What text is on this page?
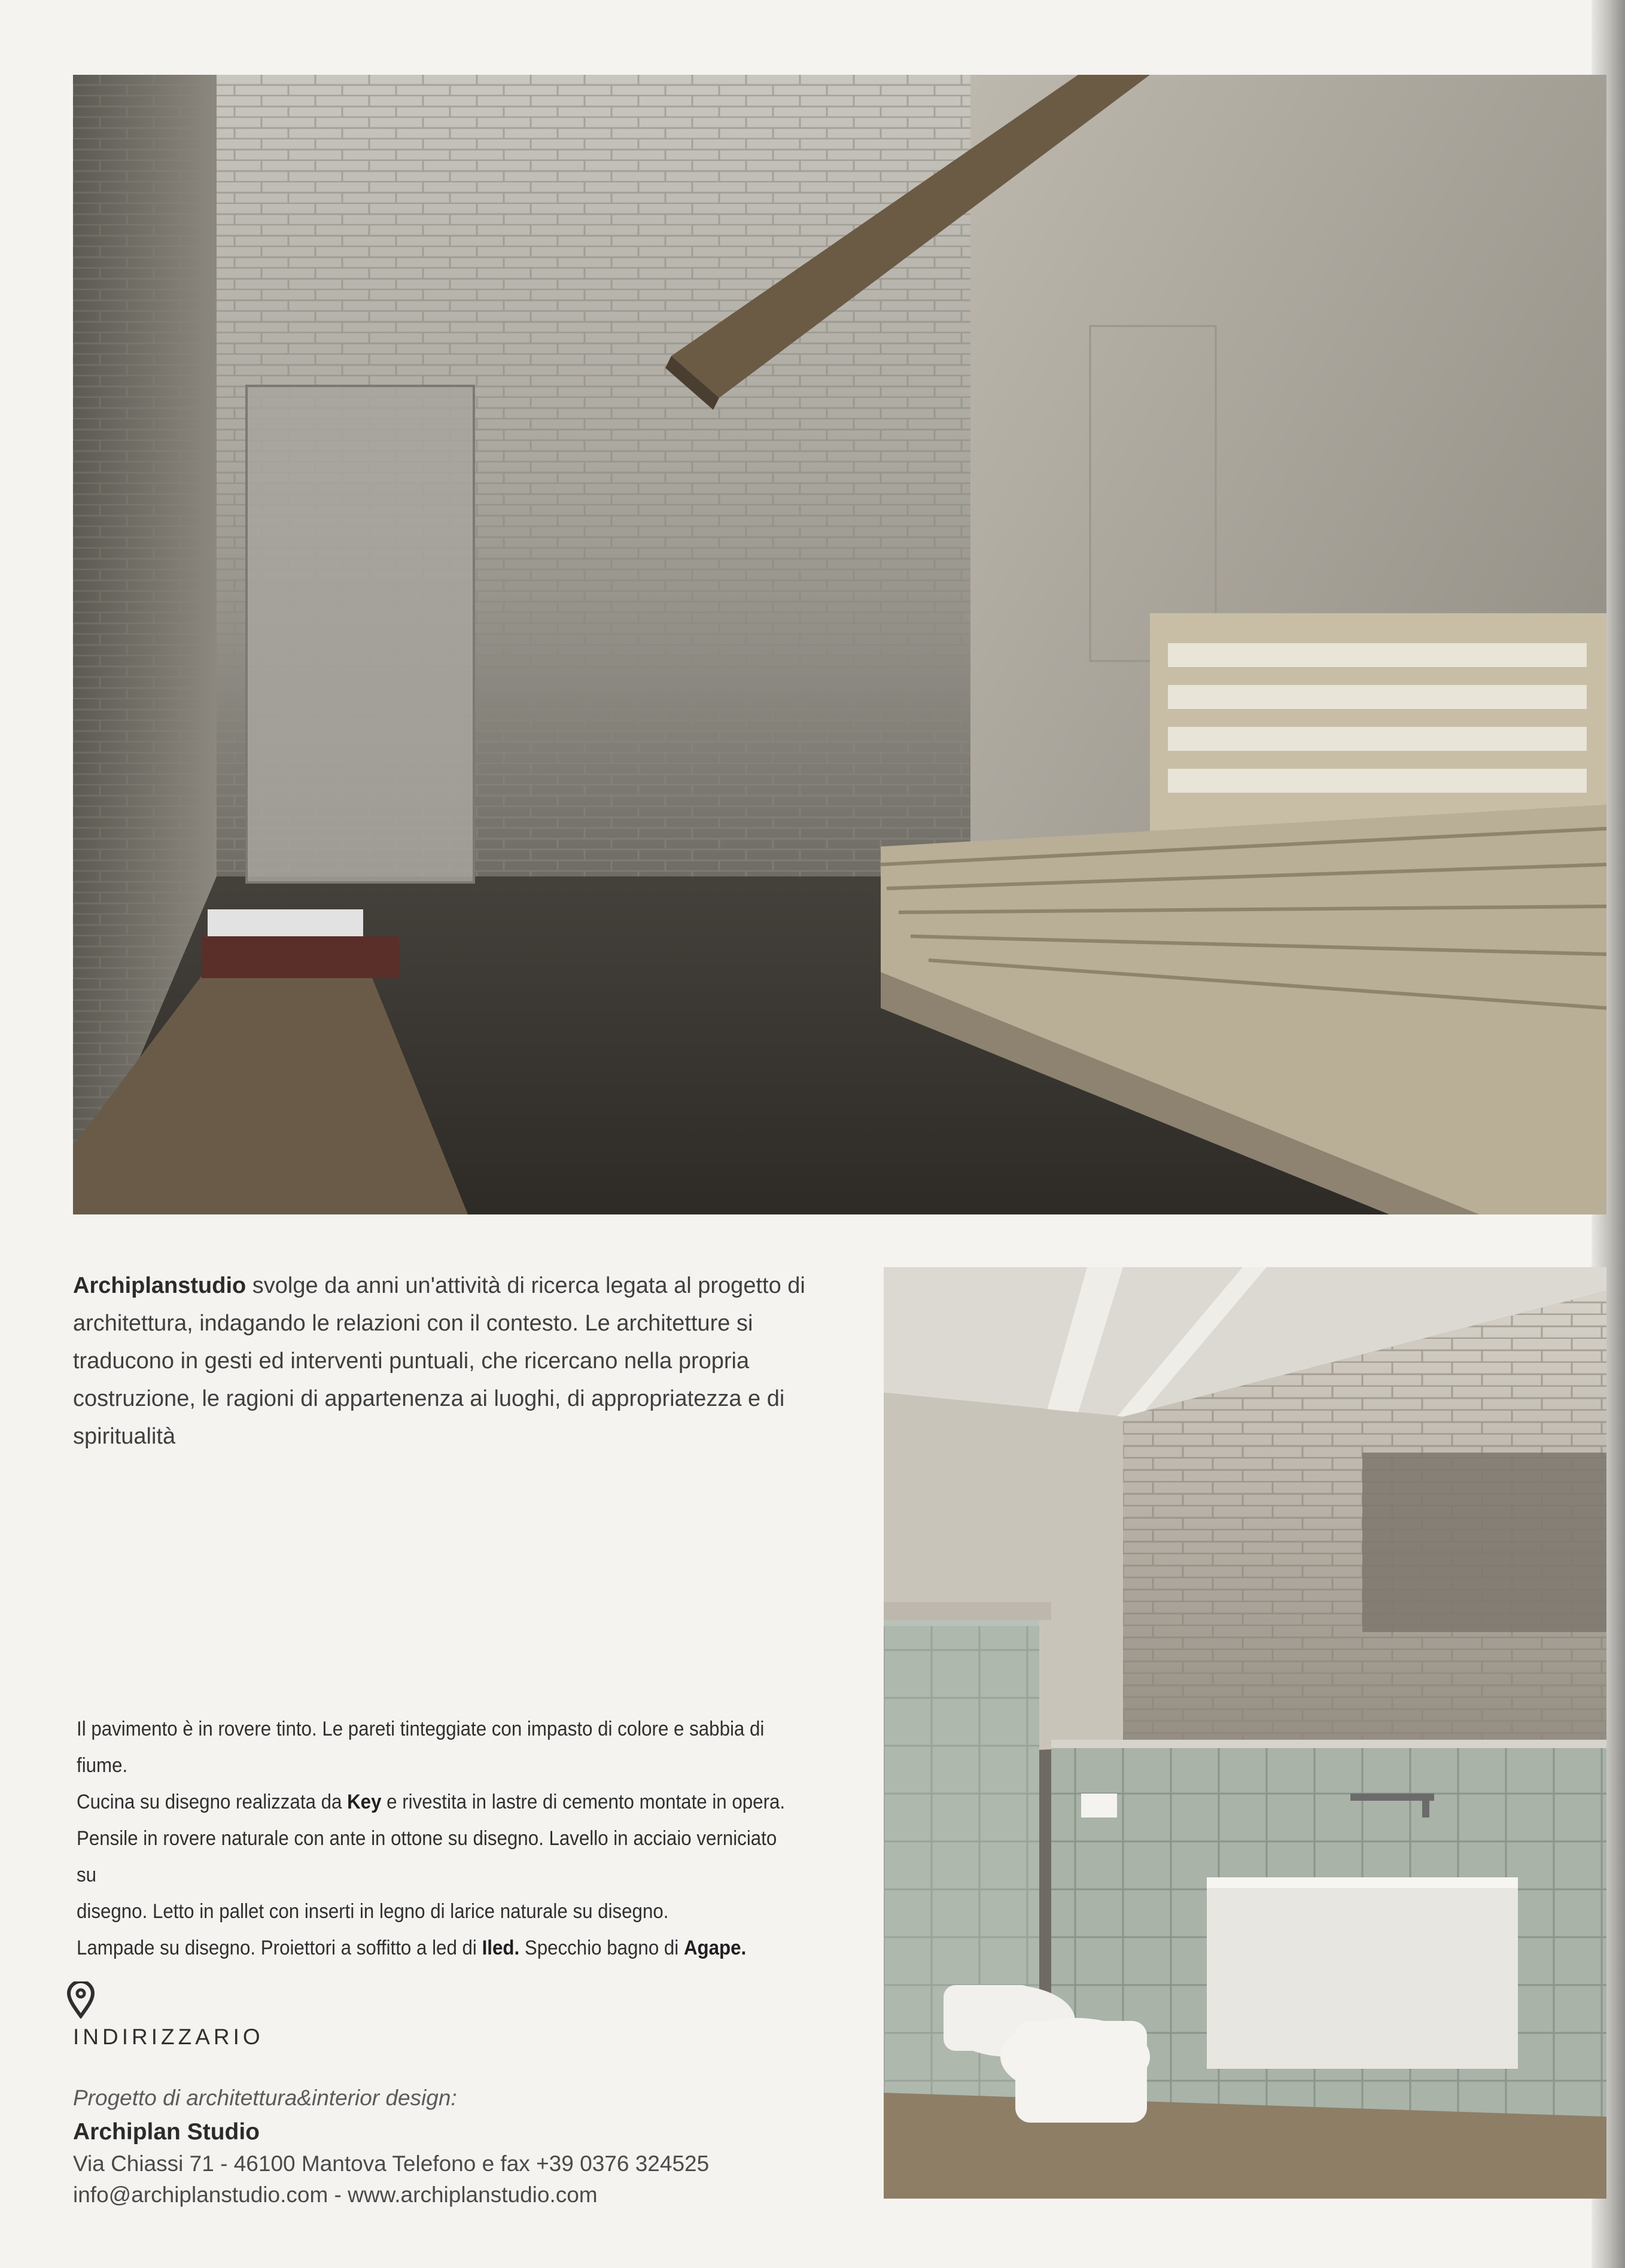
Archiplanstudio svolge da anni un'attività di ricerca legata al progetto di architettura, indagando le relazioni con il contesto. Le architetture si traducono in gesti ed interventi puntuali, che ricercano nella propria costruzione, le ragioni di appartenenza ai luoghi, di appropriatezza e di spiritualità
Il pavimento è in rovere tinto. Le pareti tinteggiate con impasto di colore e sabbia di fiume.
Cucina su disegno realizzata da Key e rivestita in lastre di cemento montate in opera.
Pensile in rovere naturale con ante in ottone su disegno. Lavello in acciaio verniciato su
disegno. Letto in pallet con inserti in legno di larice naturale su disegno.
Lampade su disegno. Proiettori a soffitto a led di Iled. Specchio bagno di Agape.
INDIRIZZARIO
Progetto di architettura&interior design:
Archiplan Studio
Via Chiassi 71 - 46100 Mantova Telefono e fax +39 0376 324525
info@archiplanstudio.com - www.archiplanstudio.com
